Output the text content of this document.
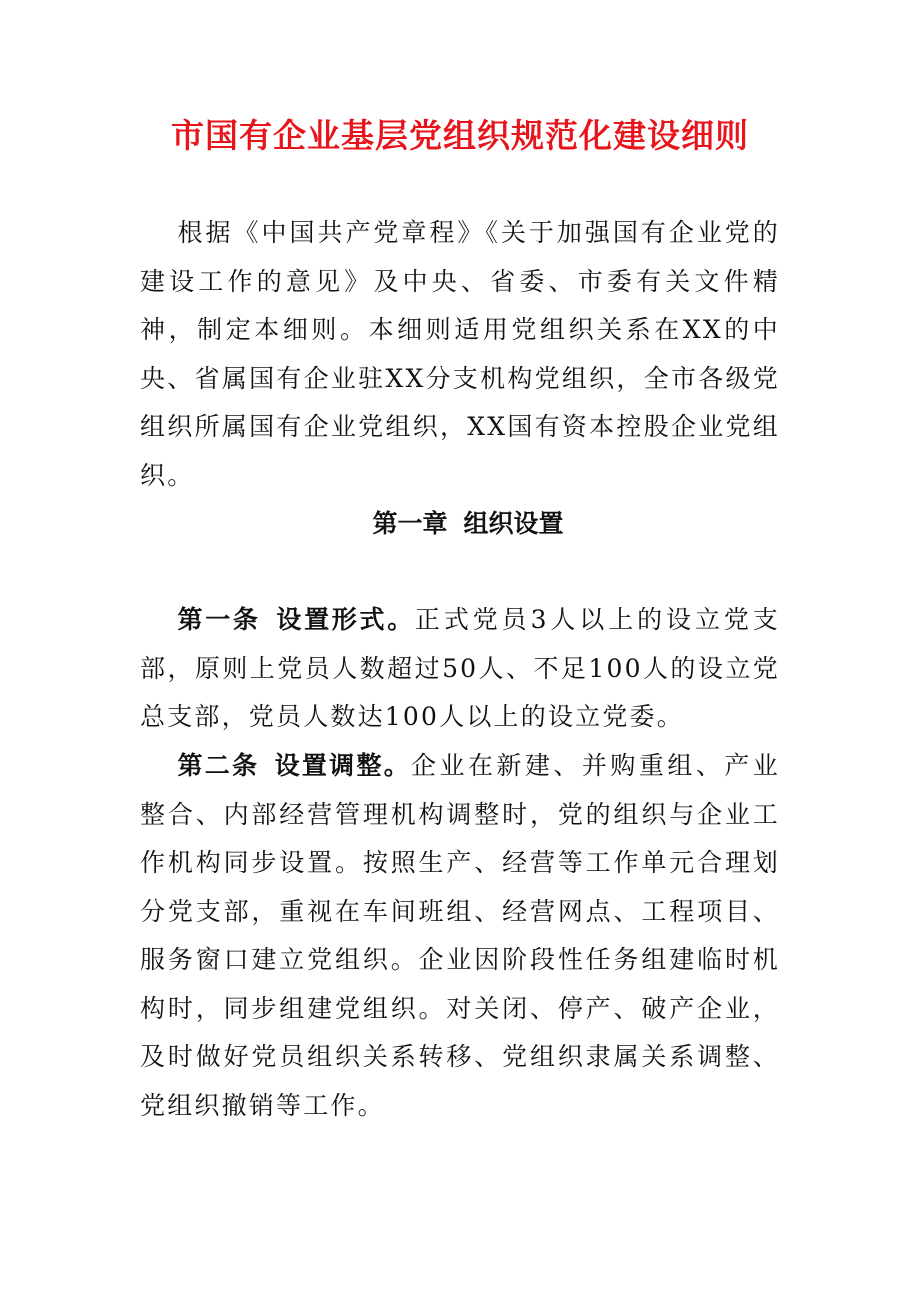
市国有企业基层党组织规范化建设细则

根据《中国共产党章程》《关于加强国有企业党的建设工作的意见》及中央、省委、市委有关文件精神，制定本细则。本细则适用党组织关系在XX的中央、省属国有企业驻XX分支机构党组织，全市各级党组织所属国有企业党组织，XX国有资本控股企业党组织。

第一章 组织设置

第一条 设置形式。正式党员3人以上的设立党支部，原则上党员人数超过50人、不足100人的设立党总支部，党员人数达100人以上的设立党委。

第二条 设置调整。企业在新建、并购重组、产业整合、内部经营管理机构调整时，党的组织与企业工作机构同步设置。按照生产、经营等工作单元合理划分党支部，重视在车间班组、经营网点、工程项目、服务窗口建立党组织。企业因阶段性任务组建临时机构时，同步组建党组织。对关闭、停产、破产企业，及时做好党员组织关系转移、党组织隶属关系调整、党组织撤销等工作。
